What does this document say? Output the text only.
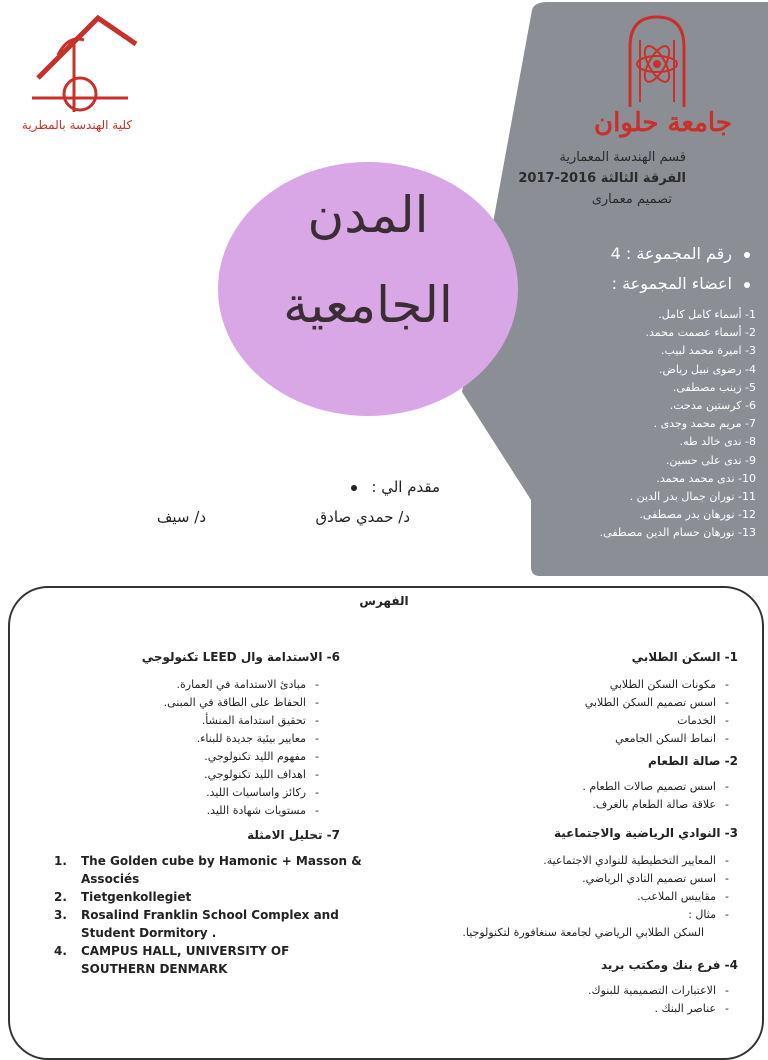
كلية الهندسة بالمطرية	جامعة حلوان
قسم الهندسة المعمارية
الفرقة الثالثة 2016-2017
تصميم معمارى
المدن
الجامعية
رقم المجموعة : 4
اعضاء المجموعة :
1- أسماء كامل كامل.
2- أسماء عصمت محمد.
3- اميرة محمد لبيب.
4- رضوى نبيل رياض.
5- زينب مصطفى.
6- كرستين مدحت.
7- مريم محمد وجدى .
8- ندى خالد طه.
9- ندى على حسين.
10- ندى محمد محمد.
11- نوران جمال بدر الدين .
12- نورهان بدر مصطفى.
13- نورهان حسام الدين مصطفى.
مقدم الي :
د/ حمدي صادق
د/ سيف
الفهرس
1- السكن الطلابي
-مكونات السكن الطلابي
-اسس تصميم السكن الطلابي
-الخدمات
-انماط السكن الجامعي
2- صالة الطعام
-اسس تصميم صالات الطعام .
-علاقة صالة الطعام بالغرف.
3- النوادي الرياضية والاجتماعية
-المعايير التخطيطية للنوادي الاجتماعية.
-اسس تصميم النادي الرياضي.
-مقاييس الملاعب.
-مثال :
السكن الطلابي الرياضي لجامعة سنغافورة لتكنولوجيا.
4- فرع بنك ومكتب بريد
-الاعتبارات التصميمية للبنوك.
-عناصر البنك .
6- الاستدامة وال LEED تكنولوجي
-مبادئ الاستدامة في العمارة.
-الحفاظ على الطاقة في المبنى.
-تحقيق استدامة المنشأ.
-معايير بيئية جديدة للبناء.
-مفهوم الليد تكنولوجي.
-اهداف الليد تكنولوجي.
-ركائز واساسيات الليد.
-مستويات شهادة الليد.
7- تحليل الامثلة
1. The Golden cube by Hamonic + Masson & Associés
2. Tietgenkollegiet
3. Rosalind Franklin School Complex and Student Dormitory .
4. CAMPUS HALL, UNIVERSITY OF SOUTHERN DENMARK
